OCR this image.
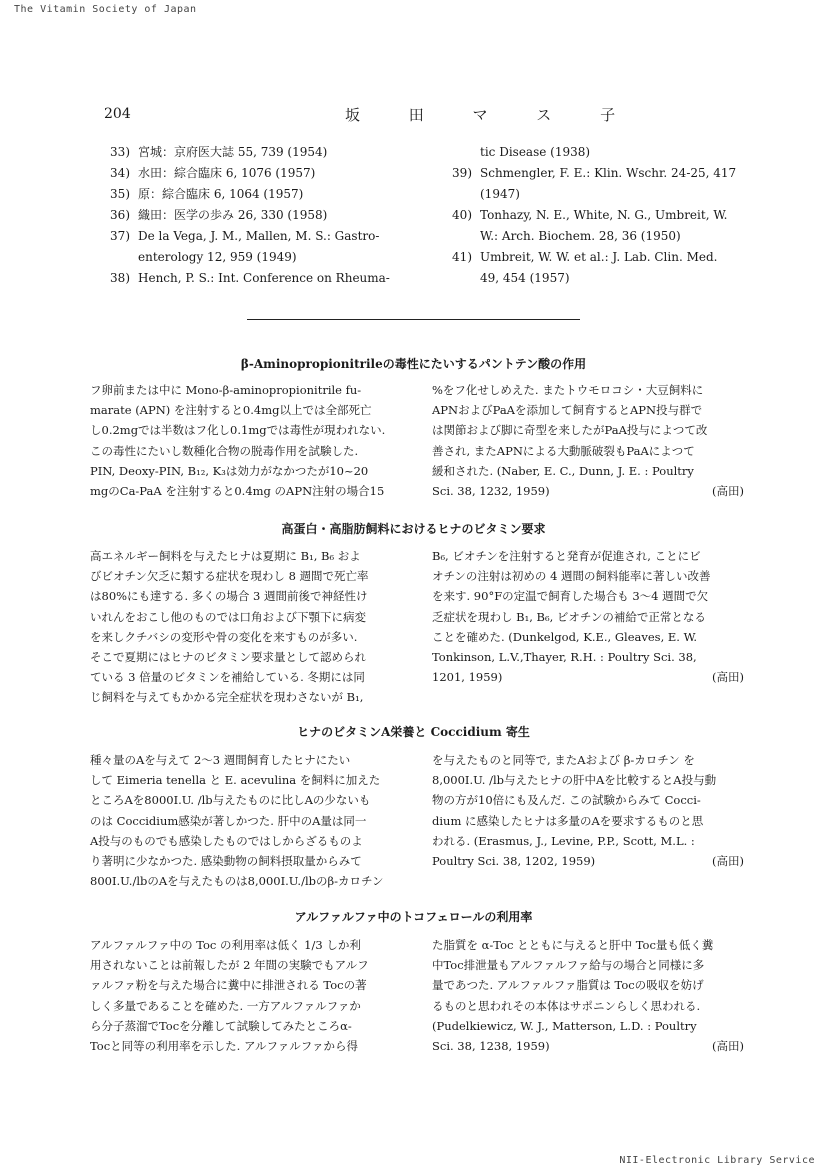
The Vitamin Society of Japan
204	坂 田 マ ス 子
33) 宮城：京府医大誌 55, 739 (1954)
34) 水田：綜合臨床 6, 1076 (1957)
35) 原：綜合臨床 6, 1064 (1957)
36) 織田：医学の歩み 26, 330 (1958)
37) De la Vega, J. M., Mallen, M. S.: Gastro-
enterology 12, 959 (1949)
38) Hench, P. S.: Int. Conference on Rheuma-
tic Disease (1938)
39) Schmengler, F. E.: Klin. Wschr. 24-25, 417
(1947)
40) Tonhazy, N. E., White, N. G., Umbreit, W.
W.: Arch. Biochem. 28, 36 (1950)
41) Umbreit, W. W. et al.: J. Lab. Clin. Med.
49, 454 (1957)
β-Aminopropionitrileの毒性にたいするパントテン酸の作用
フ卵前または中に Mono-β-aminopropionitrile fu-
marate (APN) を注射すると0.4mg以上では全部死亡
し0.2mgでは半数はフ化し0.1mgでは毒性が現われない.
この毒性にたいし数種化合物の脱毒作用を試験した.
PIN, Deoxy-PIN, B₁₂, K₃は効力がなかつたが10~20
mgのCa-PaA を注射すると0.4mg のAPN注射の場合15
%をフ化せしめえた. またトウモロコシ・大豆飼料に
APNおよびPaAを添加して飼育するとAPN投与群で
は関節および脚に奇型を来したがPaA投与によつて改
善され, またAPNによる大動脈破裂もPaAによつて
緩和された. (Naber, E. C., Dunn, J. E. : Poultry
Sci. 38, 1232, 1959)	(高田)
高蛋白・高脂肪飼料におけるヒナのビタミン要求
高エネルギー飼料を与えたヒナは夏期に B₁, B₆ およ
びビオチン欠乏に類する症状を現わし 8 週間で死亡率
は80%にも達する. 多くの場合 3 週間前後で神経性け
いれんをおこし他のものでは口角および下顎下に病変
を来しクチバシの変形や骨の変化を来すものが多い.
そこで夏期にはヒナのビタミン要求量として認められ
ている 3 倍量のビタミンを補給している. 冬期には同
じ飼料を与えてもかかる完全症状を現わさないが B₁,
B₆, ビオチンを注射すると発育が促進され, ことにビ
オチンの注射は初めの 4 週間の飼料能率に著しい改善
を来す. 90°Fの定温で飼育した場合も 3～4 週間で欠
乏症状を現わし B₁, B₆, ビオチンの補給で正常となる
ことを確めた. (Dunkelgod, K.E., Gleaves, E. W.
Tonkinson, L.V.,Thayer, R.H. : Poultry Sci. 38,
1201, 1959)	(高田)
ヒナのビタミンA栄養と Coccidium 寄生
種々量のAを与えて 2～3 週間飼育したヒナにたい
して Eimeria tenella と E. acevulina を飼料に加えた
ところAを8000I.U. /lb与えたものに比しAの少ないも
のは Coccidium感染が著しかつた. 肝中のA量は同一
A投与のものでも感染したものではしからざるものよ
り著明に少なかつた. 感染動物の飼料摂取量からみて
800I.U./lbのAを与えたものは8,000I.U./lbのβ-カロチン
を与えたものと同等で, またAおよび β-カロチン を
8,000I.U. /lb与えたヒナの肝中Aを比較するとA投与動
物の方が10倍にも及んだ. この試験からみて Cocci-
dium に感染したヒナは多量のAを要求するものと思
われる. (Erasmus, J., Levine, P.P., Scott, M.L. :
Poultry Sci. 38, 1202, 1959)	(高田)
アルファルファ中のトコフェロールの利用率
アルファルファ中の Toc の利用率は低く 1/3 しか利
用されないことは前報したが 2 年間の実験でもアルフ
ァルファ粉を与えた場合に糞中に排泄される Tocの著
しく多量であることを確めた. 一方アルファルファか
ら分子蒸溜でTocを分離して試験してみたところα-
Tocと同等の利用率を示した. アルファルファから得
た脂質を α-Toc とともに与えると肝中 Toc量も低く糞
中Toc排泄量もアルファルファ給与の場合と同様に多
量であつた. アルファルファ脂質は Tocの吸収を妨げ
るものと思われその本体はサポニンらしく思われる.
(Pudelkiewicz, W. J., Matterson, L.D. : Poultry
Sci. 38, 1238, 1959)	(高田)
NII-Electronic Library Service
